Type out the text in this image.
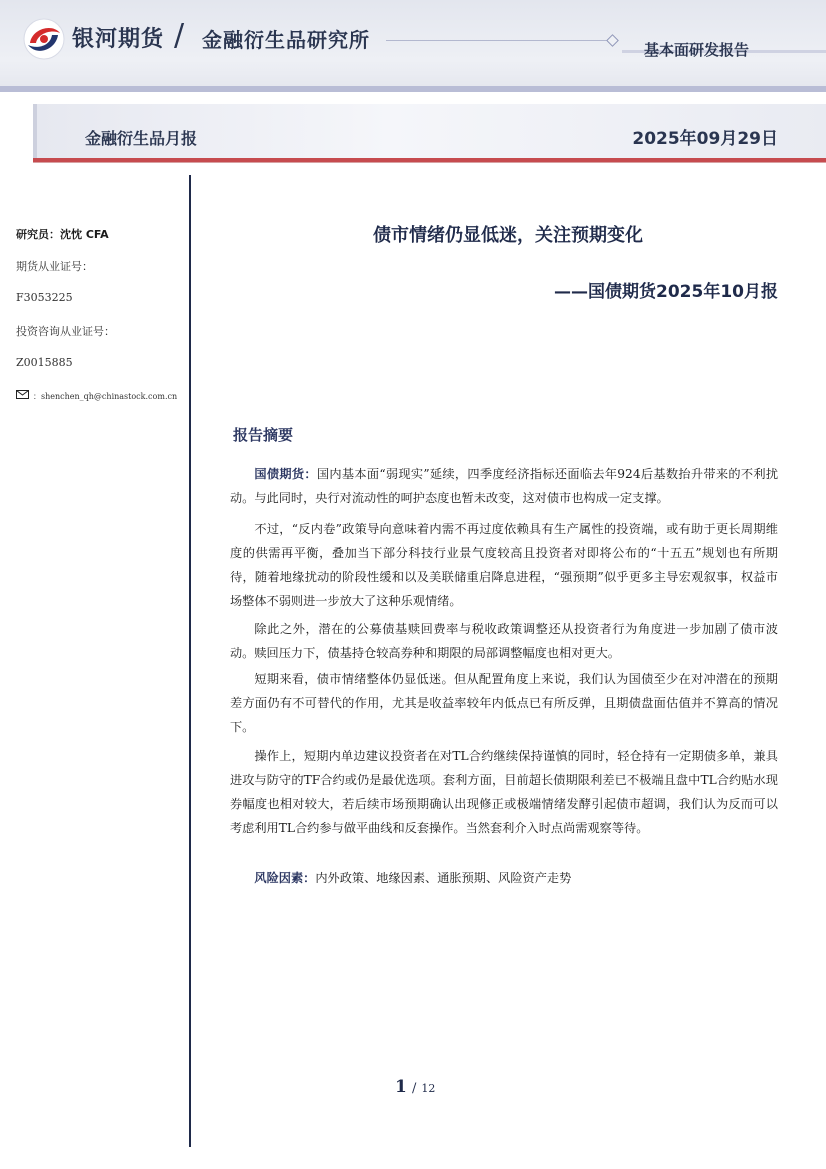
银河期货 / 金融衍生品研究所	基本面研发报告
金融衍生品月报	2025年09月29日
研究员：沈忱 CFA
期货从业证号：
F3053225
投资咨询从业证号：
Z0015885
：shenchen_qh@chinastock.com.cn
债市情绪仍显低迷，关注预期变化
——国债期货2025年10月报
报告摘要

国债期货：国内基本面“弱现实”延续，四季度经济指标还面临去年924后基数抬升带来的不利扰动。与此同时，央行对流动性的呵护态度也暂未改变，这对债市也构成一定支撑。

不过，“反内卷”政策导向意味着内需不再过度依赖具有生产属性的投资端，或有助于更长周期维度的供需再平衡，叠加当下部分科技行业景气度较高且投资者对即将公布的“十五五”规划也有所期待，随着地缘扰动的阶段性缓和以及美联储重启降息进程，“强预期”似乎更多主导宏观叙事，权益市场整体不弱则进一步放大了这种乐观情绪。

除此之外，潜在的公募债基赎回费率与税收政策调整还从投资者行为角度进一步加剧了债市波动。赎回压力下，债基持仓较高券种和期限的局部调整幅度也相对更大。

短期来看，债市情绪整体仍显低迷。但从配置角度上来说，我们认为国债至少在对冲潜在的预期差方面仍有不可替代的作用，尤其是收益率较年内低点已有所反弹，且期债盘面估值并不算高的情况下。

操作上，短期内单边建议投资者在对TL合约继续保持谨慎的同时，轻仓持有一定期债多单，兼具进攻与防守的TF合约或仍是最优选项。套利方面，目前超长债期限利差已不极端且盘中TL合约贴水现券幅度也相对较大，若后续市场预期确认出现修正或极端情绪发酵引起债市超调，我们认为反而可以考虑利用TL合约参与做平曲线和反套操作。当然套利介入时点尚需观察等待。

风险因素：内外政策、地缘因素、通胀预期、风险资产走势

1 / 12
